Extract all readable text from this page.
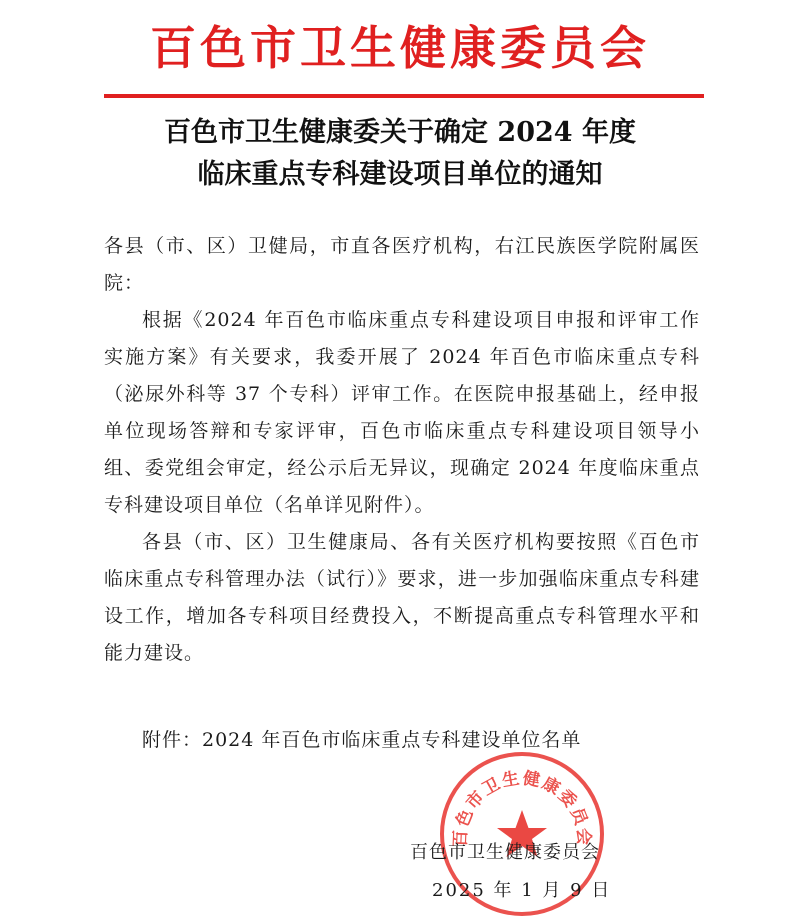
百色市卫生健康委员会
百色市卫生健康委关于确定 2024 年度
临床重点专科建设项目单位的通知

各县（市、区）卫健局，市直各医疗机构，右江民族医学院附属医院：

根据《2024 年百色市临床重点专科建设项目申报和评审工作实施方案》有关要求，我委开展了 2024 年百色市临床重点专科（泌尿外科等 37 个专科）评审工作。在医院申报基础上，经申报单位现场答辩和专家评审，百色市临床重点专科建设项目领导小组、委党组会审定，经公示后无异议，现确定 2024 年度临床重点专科建设项目单位（名单详见附件）。

各县（市、区）卫生健康局、各有关医疗机构要按照《百色市临床重点专科管理办法（试行）》要求，进一步加强临床重点专科建设工作，增加各专科项目经费投入，不断提高重点专科管理水平和能力建设。

附件：2024 年百色市临床重点专科建设单位名单
百色市卫生健康委员会
百色市卫生健康委员会
2025 年 1 月 9 日
